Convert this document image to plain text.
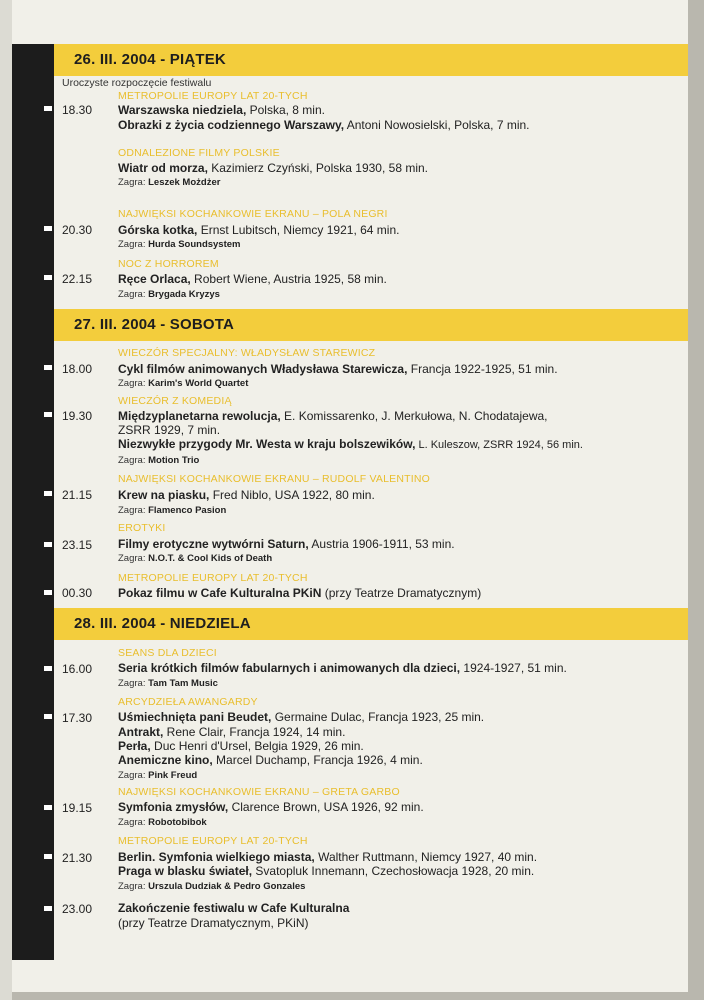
26. III. 2004 - PIĄTEK
Uroczyste rozpoczęcie festiwalu
METROPOLIE EUROPY LAT 20-TYCH
18.30 Warszawska niedziela, Polska, 8 min.
Obrazki z życia codziennego Warszawy, Antoni Nowosielski, Polska, 7 min.
ODNALEZIONE FILMY POLSKIE
Wiatr od morza, Kazimierz Czyński, Polska 1930, 58 min.
Zagra: Leszek Możdżer
NAJWIĘKSI KOCHANKOWIE EKRANU – POLA NEGRI
20.30 Górska kotka, Ernst Lubitsch, Niemcy 1921, 64 min.
Zagra: Hurda Soundsystem
NOC Z HORROREM
22.15 Ręce Orlaca, Robert Wiene, Austria 1925, 58 min.
Zagra: Brygada Kryzys
27. III. 2004 - SOBOTA
WIECZÓR SPECJALNY: WŁADYSŁAW STAREWICZ
18.00 Cykl filmów animowanych Władysława Starewicza, Francja 1922-1925, 51 min.
Zagra: Karim's World Quartet
WIECZÓR Z KOMEDIĄ
19.30 Międzyplanetarna rewolucja, E. Komissarenko, J. Merkułowa, N. Chodatajewa,
ZSRR 1929, 7 min.
Niezwykłe przygody Mr. Westa w kraju bolszewików, L. Kuleszow, ZSRR 1924, 56 min.
Zagra: Motion Trio
NAJWIĘKSI KOCHANKOWIE EKRANU – RUDOLF VALENTINO
21.15 Krew na piasku, Fred Niblo, USA 1922, 80 min.
Zagra: Flamenco Pasion
EROTYKI
23.15 Filmy erotyczne wytwórni Saturn, Austria 1906-1911, 53 min.
Zagra: N.O.T. & Cool Kids of Death
METROPOLIE EUROPY LAT 20-TYCH
00.30 Pokaz filmu w Cafe Kulturalna PKiN (przy Teatrze Dramatycznym)
28. III. 2004 - NIEDZIELA
SEANS DLA DZIECI
16.00 Seria krótkich filmów fabularnych i animowanych dla dzieci, 1924-1927, 51 min.
Zagra: Tam Tam Music
ARCYDZIEŁA AWANGARDY
17.30 Uśmiechnięta pani Beudet, Germaine Dulac, Francja 1923, 25 min.
Antrakt, Rene Clair, Francja 1924, 14 min.
Perła, Duc Henri d'Ursel, Belgia 1929, 26 min.
Anemiczne kino, Marcel Duchamp, Francja 1926, 4 min.
Zagra: Pink Freud
NAJWIĘKSI KOCHANKOWIE EKRANU – GRETA GARBO
19.15 Symfonia zmysłów, Clarence Brown, USA 1926, 92 min.
Zagra: Robotobibok
METROPOLIE EUROPY LAT 20-TYCH
21.30 Berlin. Symfonia wielkiego miasta, Walther Ruttmann, Niemcy 1927, 40 min.
Praga w blasku świateł, Svatopluk Innemann, Czechosłowacja 1928, 20 min.
Zagra: Urszula Dudziak & Pedro Gonzales
23.00 Zakończenie festiwalu w Cafe Kulturalna
(przy Teatrze Dramatycznym, PKiN)
